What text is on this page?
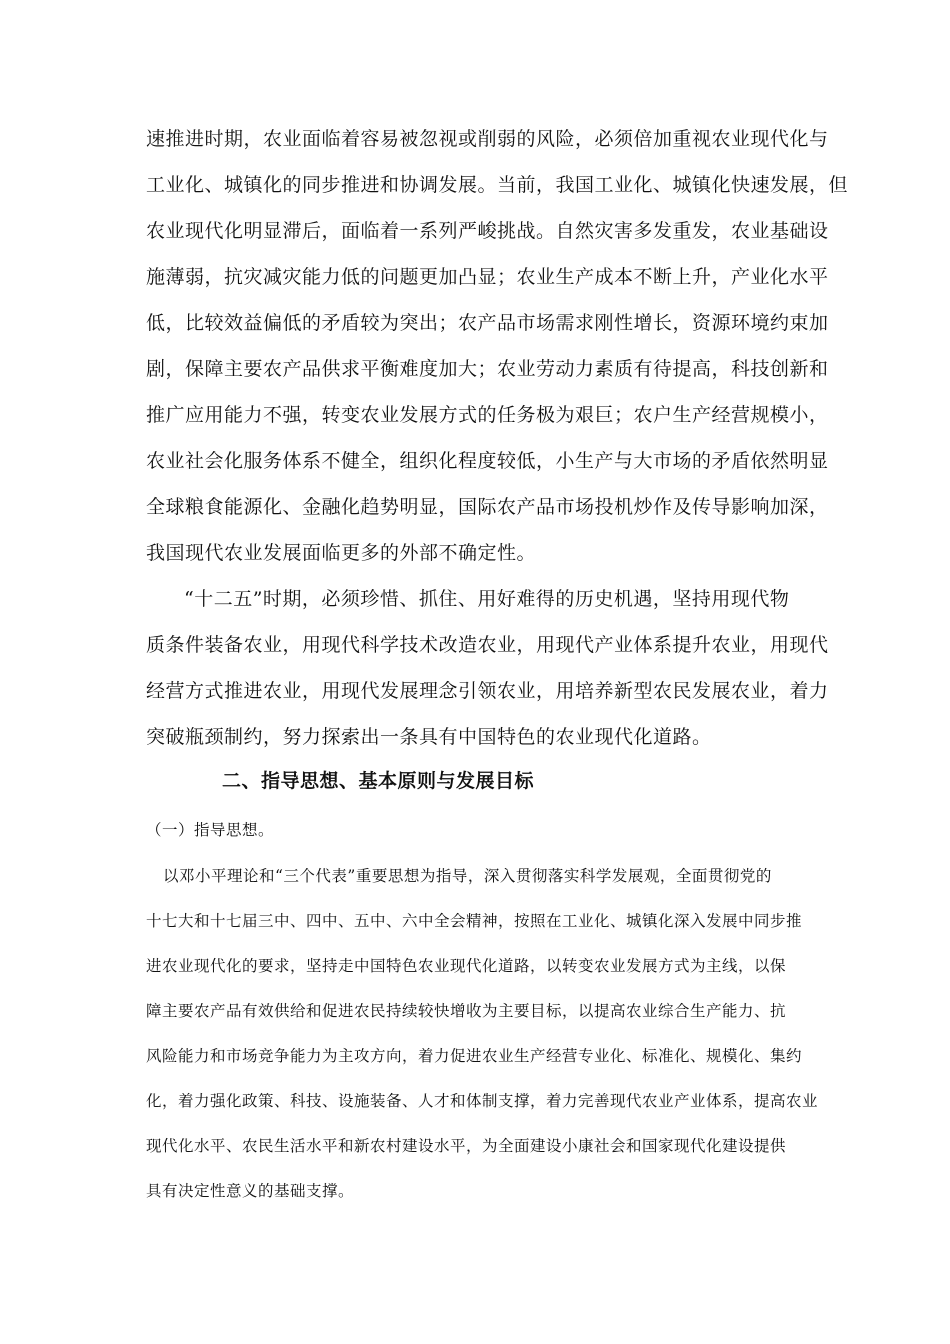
速推进时期，农业面临着容易被忽视或削弱的风险，必须倍加重视农业现代化与
工业化、城镇化的同步推进和协调发展。当前，我国工业化、城镇化快速发展，但
农业现代化明显滞后，面临着一系列严峻挑战。自然灾害多发重发，农业基础设
施薄弱，抗灾减灾能力低的问题更加凸显；农业生产成本不断上升，产业化水平
低，比较效益偏低的矛盾较为突出；农产品市场需求刚性增长，资源环境约束加
剧，保障主要农产品供求平衡难度加大；农业劳动力素质有待提高，科技创新和
推广应用能力不强，转变农业发展方式的任务极为艰巨；农户生产经营规模小，
农业社会化服务体系不健全，组织化程度较低，小生产与大市场的矛盾依然明显
全球粮食能源化、金融化趋势明显，国际农产品市场投机炒作及传导影响加深，
我国现代农业发展面临更多的外部不确定性。
“十二五”时期，必须珍惜、抓住、用好难得的历史机遇，坚持用现代物
质条件装备农业，用现代科学技术改造农业，用现代产业体系提升农业，用现代
经营方式推进农业，用现代发展理念引领农业，用培养新型农民发展农业，着力
突破瓶颈制约，努力探索出一条具有中国特色的农业现代化道路。
二、指导思想、基本原则与发展目标
（一）指导思想。
以邓小平理论和“三个代表”重要思想为指导，深入贯彻落实科学发展观，全面贯彻党的
十七大和十七届三中、四中、五中、六中全会精神，按照在工业化、城镇化深入发展中同步推
进农业现代化的要求，坚持走中国特色农业现代化道路，以转变农业发展方式为主线，以保
障主要农产品有效供给和促进农民持续较快增收为主要目标，以提高农业综合生产能力、抗
风险能力和市场竞争能力为主攻方向，着力促进农业生产经营专业化、标准化、规模化、集约
化，着力强化政策、科技、设施装备、人才和体制支撑，着力完善现代农业产业体系，提高农业
现代化水平、农民生活水平和新农村建设水平，为全面建设小康社会和国家现代化建设提供
具有决定性意义的基础支撑。
